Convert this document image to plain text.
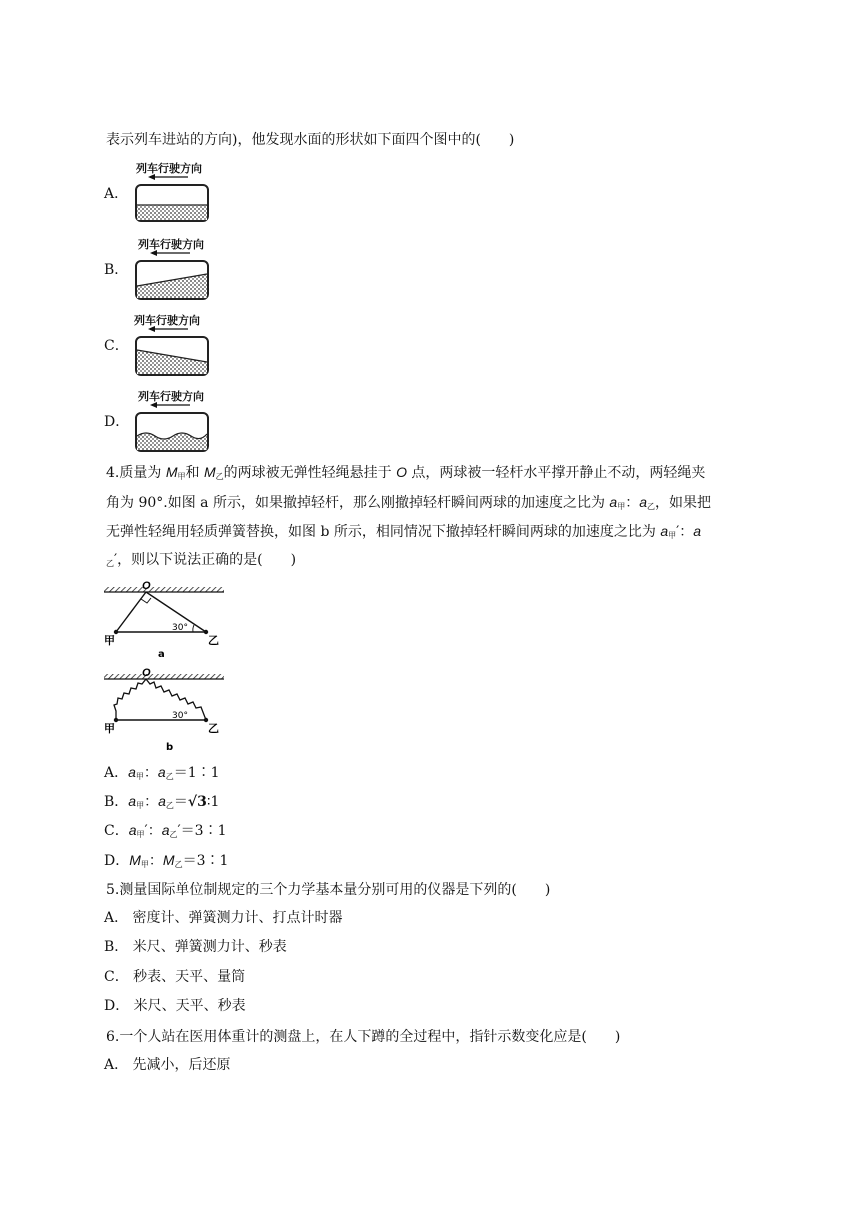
表示列车进站的方向)，他发现水面的形状如下面四个图中的(　　)
A．
列车行驶方向
B．
列车行驶方向
C．
列车行驶方向
D．
列车行驶方向
4.质量为 $M_甲$和 $M_乙$的两球被无弹性轻绳悬挂于 O 点，两球被一轻杆水平撑开静止不动，两轻绳夹
角为 90°.如图 a 所示，如果撤掉轻杆，那么刚撤掉轻杆瞬间两球的加速度之比为 $a_甲$：$a_乙$，如果把
无弹性轻绳用轻质弹簧替换，如图 b 所示，相同情况下撤掉轻杆瞬间两球的加速度之比为 $a_甲'$：a
$_乙$′，则以下说法正确的是(　　)
O
30°
甲	乙
a
O
30°
甲	乙
b
A．$a_甲$：$a_乙=1∶1$
B．$a_甲$：$a_乙=√3∶1$
C．$a_甲'$：$a_乙'=3∶1$
D．$M_甲$：$M_乙=3∶1$
5.测量国际单位制规定的三个力学基本量分别可用的仪器是下列的(　　)
A． 密度计、弹簧测力计、打点计时器
B． 米尺、弹簧测力计、秒表
C． 秒表、天平、量筒
D． 米尺、天平、秒表
6.一个人站在医用体重计的测盘上，在人下蹲的全过程中，指针示数变化应是(　　)
A． 先减小，后还原
